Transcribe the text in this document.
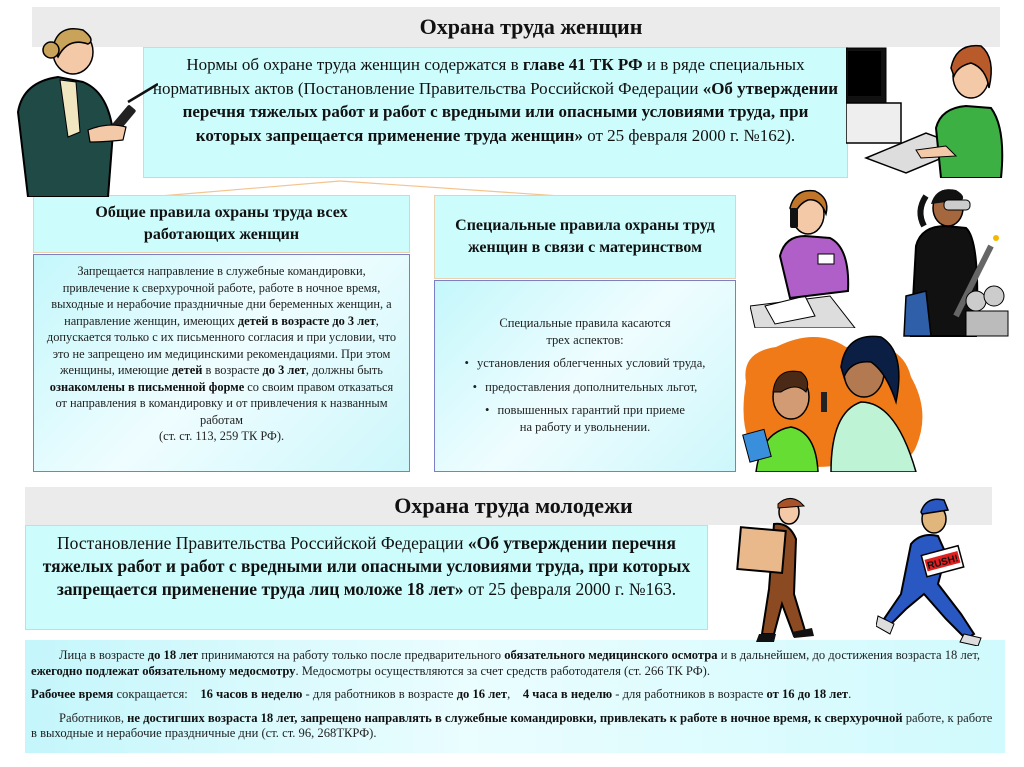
Охрана труда женщин
Нормы об охране труда женщин содержатся в главе 41 ТК РФ и в ряде специальных нормативных актов (Постановление Правительства Российской Федерации «Об утверждении перечня тяжелых работ и работ с вредными или опасными условиями труда, при которых запрещается применение труда женщин» от 25 февраля 2000 г. №162).
Общие правила охраны труда всех работающих женщин
Запрещается направление в служебные командировки, привлечение к сверхурочной работе, работе в ночное время, выходные и нерабочие праздничные дни беременных женщин, а направление женщин, имеющих детей в возрасте до 3 лет, допускается только с их письменного согласия и при условии, что это не запрещено им медицинскими рекомендациями. При этом женщины, имеющие детей в возрасте до 3 лет, должны быть ознакомлены в письменной форме со своим правом отказаться от направления в командировку и от привлечения к названным работам
(ст. ст. 113, 259 ТК РФ).
Специальные правила охраны труд женщин в связи с материнством
Специальные правила касаются трех аспектов:
• установления облегченных условий труда,
• предоставления дополнительных льгот,
• повышенных гарантий при приеме на работу и увольнении.
Охрана труда молодежи
Постановление Правительства Российской Федерации «Об утверждении перечня тяжелых работ и работ с вредными или опасными условиями труда, при которых запрещается применение труда лиц моложе 18 лет» от 25 февраля 2000 г. №163.

Лица в возрасте до 18 лет принимаются на работу только после предварительного обязательного медицинского осмотра и в дальнейшем, до достижения возраста 18 лет, ежегодно подлежат обязательному медосмотру. Медосмотры осуществляются за счет средств работодателя (ст. 266 ТК РФ).

Рабочее время сокращается:    16 часов в неделю - для работников в возрасте до 16 лет,    4 часа в неделю - для работников в возрасте от 16 до 18 лет.

Работников, не достигших возраста 18 лет, запрещено направлять в служебные командировки, привлекать к работе в ночное время, к сверхурочной работе, к работе в выходные и нерабочие праздничные дни (ст. ст. 96, 268ТКРФ).

RUSH!
